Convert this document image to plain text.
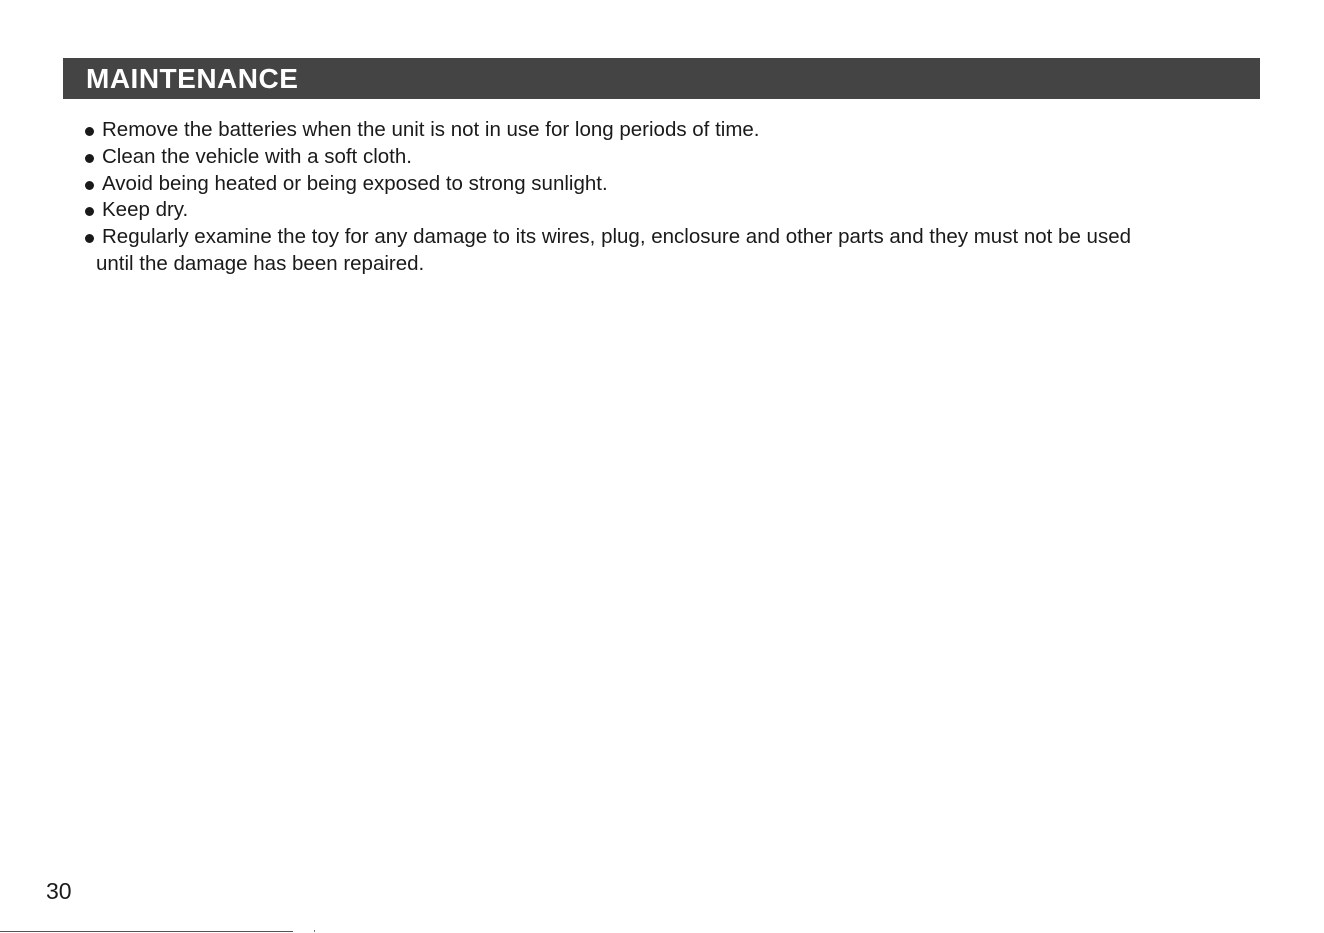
MAINTENANCE
Remove the batteries when the unit is not in use for long periods of time.
Clean the vehicle with a soft cloth.
Avoid being heated or being exposed to strong sunlight.
Keep dry.
Regularly examine the toy for any damage to its wires, plug, enclosure and other parts and they must not be used
until the damage has been repaired.
30
